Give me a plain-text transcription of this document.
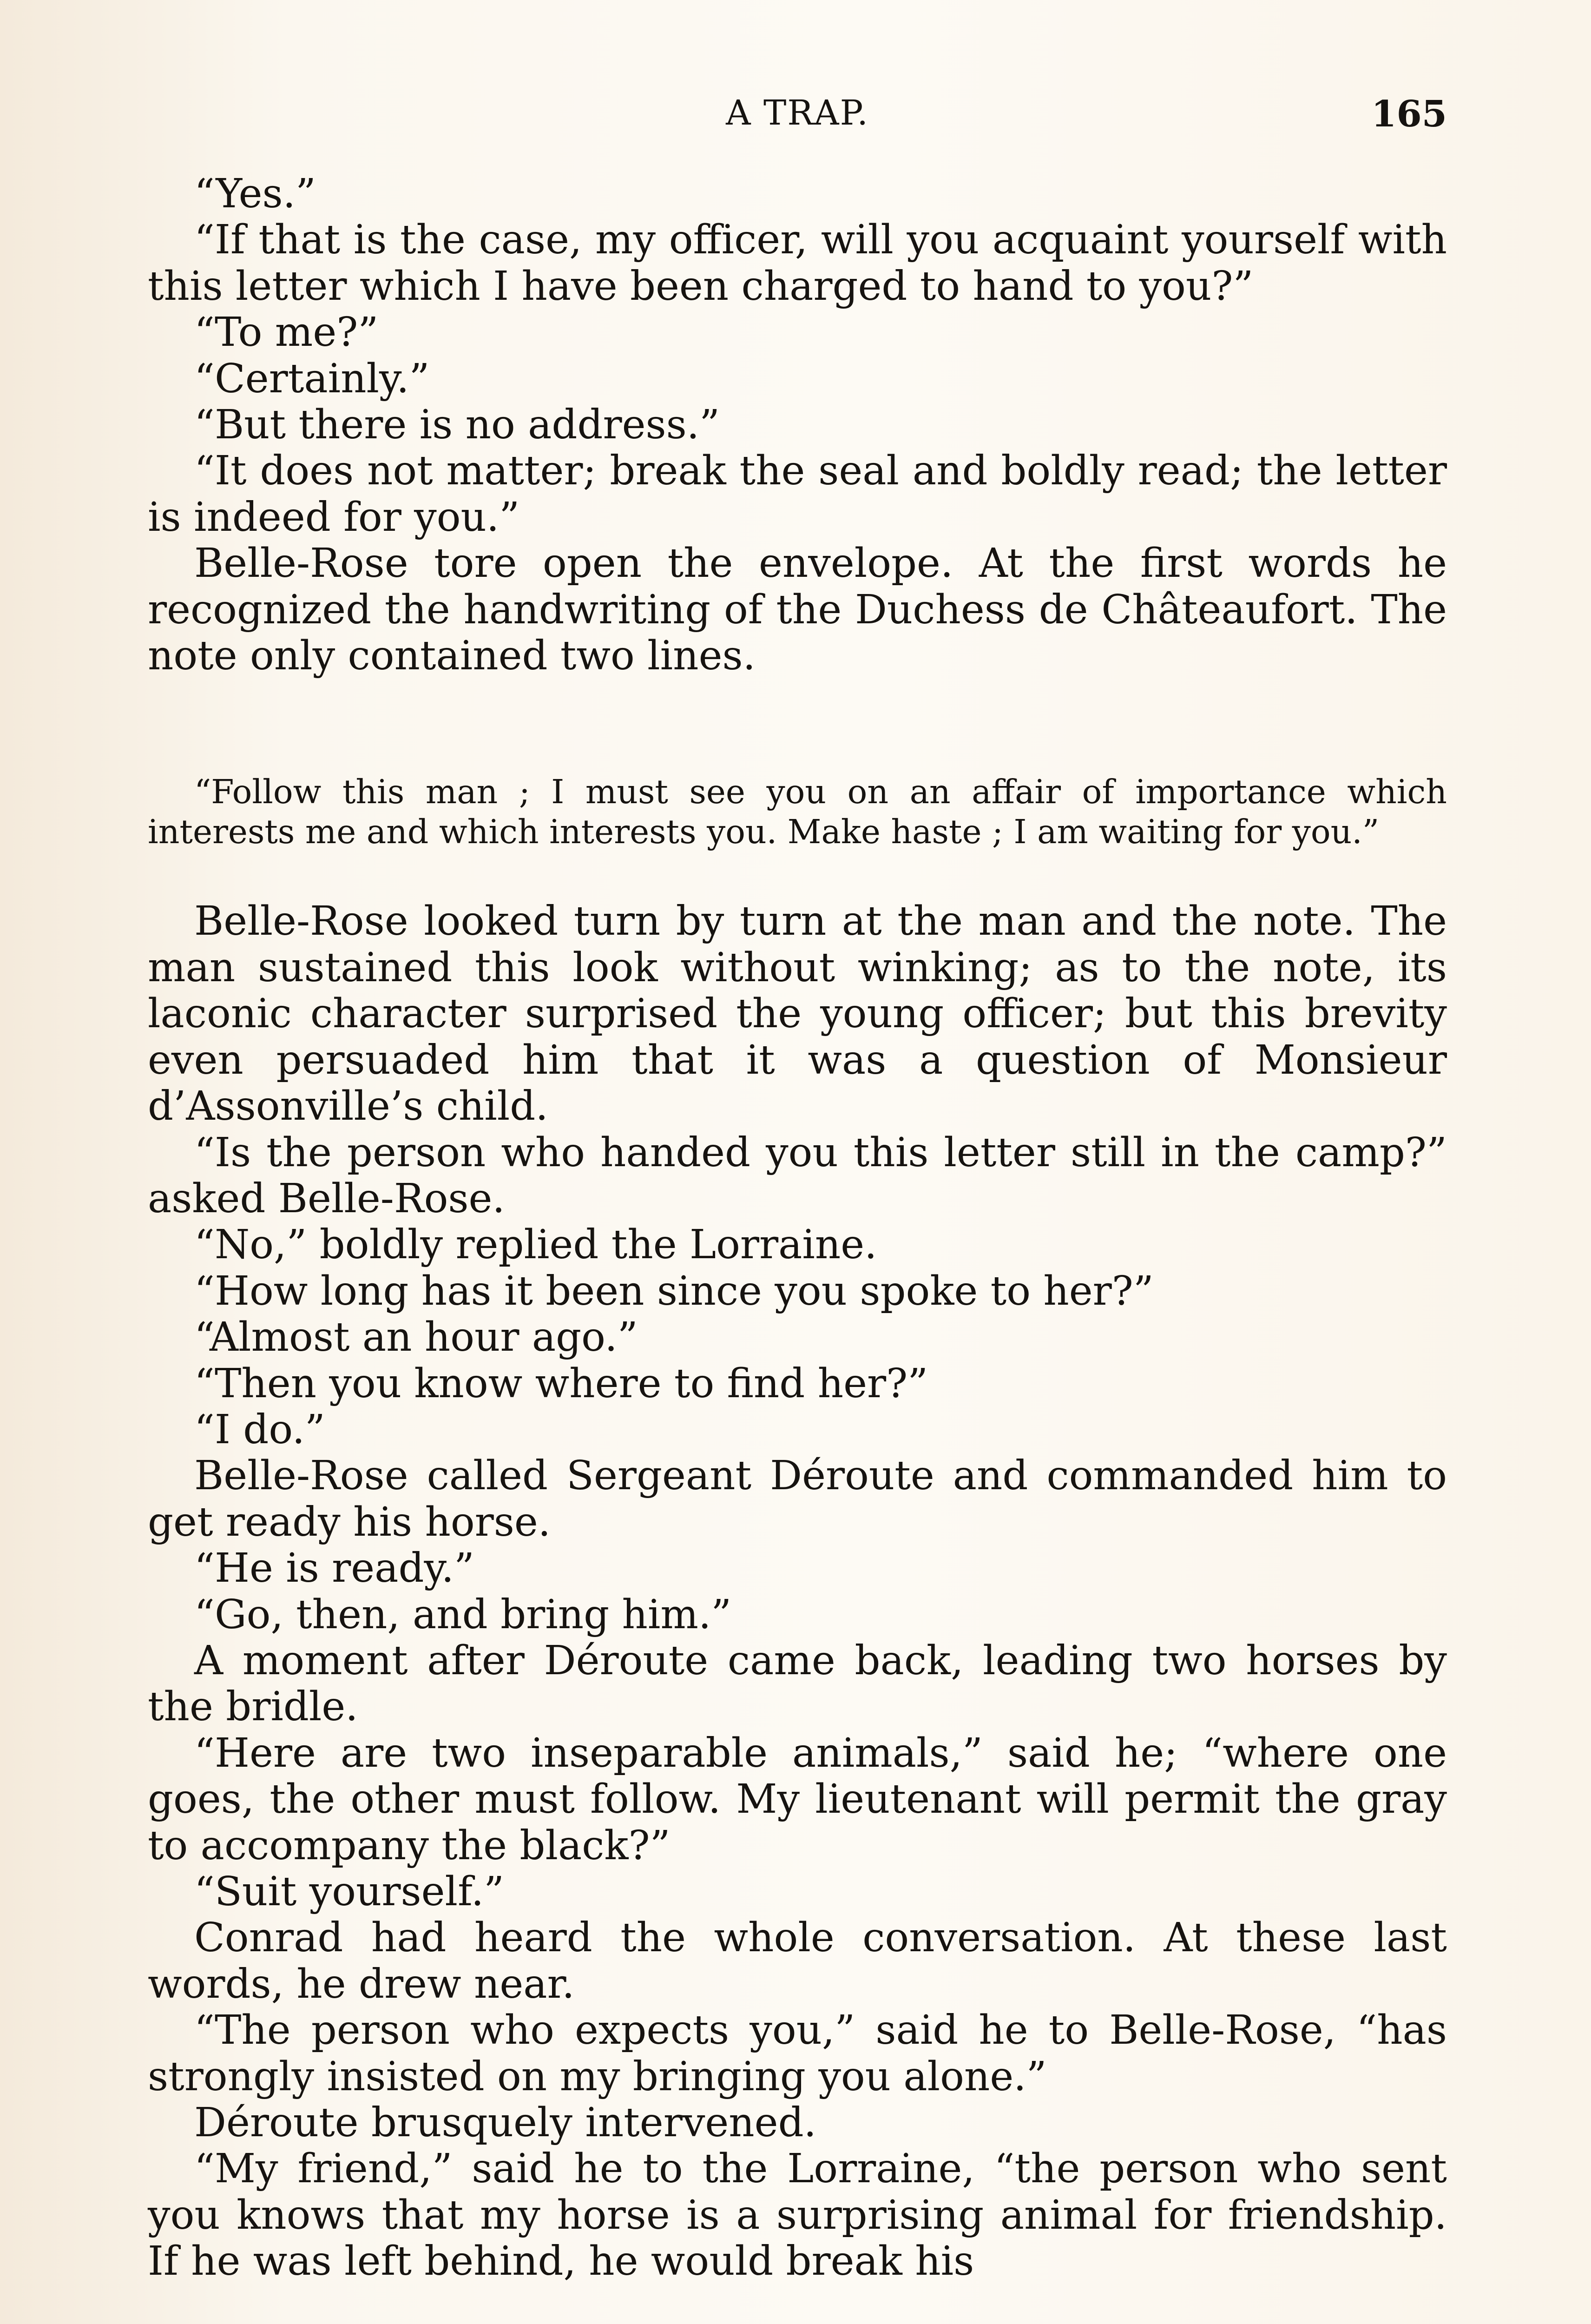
A TRAP.	165

“Yes.”

“If that is the case, my officer, will you acquaint yourself with this letter which I have been charged to hand to you?”

“To me?”

“Certainly.”

“But there is no address.”

“It does not matter; break the seal and boldly read; the letter is indeed for you.”

Belle-Rose tore open the envelope. At the first words he recognized the handwriting of the Duchess de Châteaufort. The note only contained two lines.

“Follow this man ; I must see you on an affair of importance which interests me and which interests you. Make haste ; I am waiting for you.”

Belle-Rose looked turn by turn at the man and the note. The man sustained this look without winking; as to the note, its laconic character surprised the young officer; but this brevity even persuaded him that it was a question of Monsieur d’Assonville’s child.

“Is the person who handed you this letter still in the camp?” asked Belle-Rose.

“No,” boldly replied the Lorraine.

“How long has it been since you spoke to her?”

“Almost an hour ago.”

“Then you know where to find her?”

“I do.”

Belle-Rose called Sergeant Déroute and commanded him to get ready his horse.

“He is ready.”

“Go, then, and bring him.”

A moment after Déroute came back, leading two horses by the bridle.

“Here are two inseparable animals,” said he; “where one goes, the other must follow. My lieutenant will permit the gray to accompany the black?”

“Suit yourself.”

Conrad had heard the whole conversation. At these last words, he drew near.

“The person who expects you,” said he to Belle-Rose, “has strongly insisted on my bringing you alone.”

Déroute brusquely intervened.

“My friend,” said he to the Lorraine, “the person who sent you knows that my horse is a surprising animal for friendship. If he was left behind, he would break his
